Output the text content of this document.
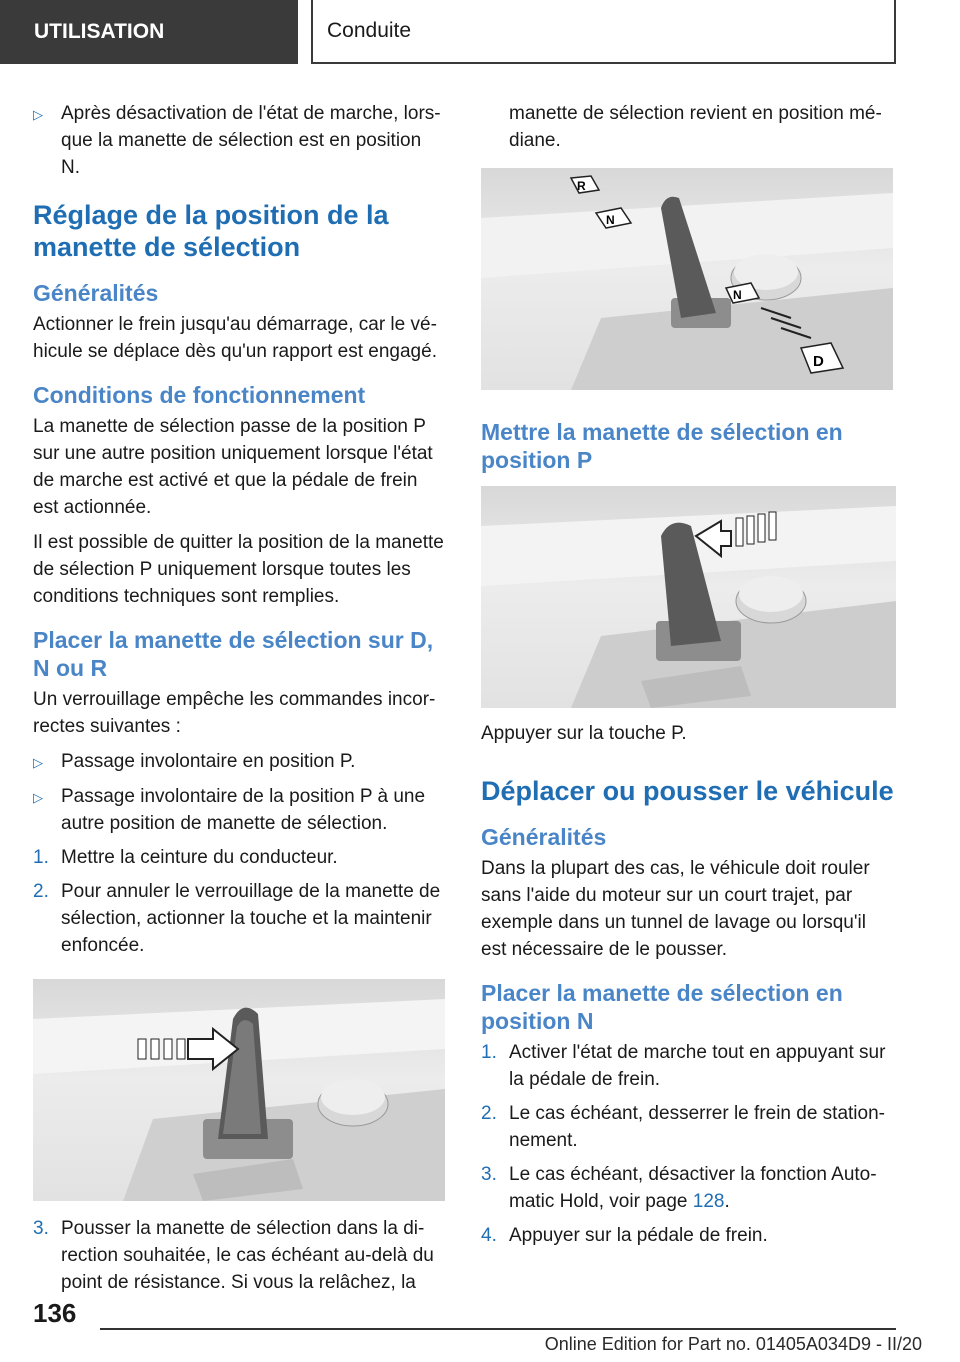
UTILISATION	Conduite
▷ Après désactivation de l'état de marche, lorsque la manette de sélection est en position N.
Réglage de la position de la manette de sélection
Généralités

Actionner le frein jusqu'au démarrage, car le véhicule se déplace dès qu'un rapport est engagé.

Conditions de fonctionnement

La manette de sélection passe de la position P sur une autre position uniquement lorsque l'état de marche est activé et que la pédale de frein est actionnée.

Il est possible de quitter la position de la manette de sélection P uniquement lorsque toutes les conditions techniques sont remplies.

Placer la manette de sélection sur D, N ou R

Un verrouillage empêche les commandes incorrectes suivantes :

▷ Passage involontaire en position P.
▷ Passage involontaire de la position P à une autre position de manette de sélection.
1. Mettre la ceinture du conducteur.
2. Pour annuler le verrouillage de la manette de sélection, actionner la touche et la maintenir enfoncée.
3. Pousser la manette de sélection dans la direction souhaitée, le cas échéant au-delà du point de résistance. Si vous la relâchez, la

manette de sélection revient en position médiane.

R
N
N
D
Mettre la manette de sélection en position P

Appuyer sur la touche P.

Déplacer ou pousser le véhicule
Généralités

Dans la plupart des cas, le véhicule doit rouler sans l'aide du moteur sur un court trajet, par exemple dans un tunnel de lavage ou lorsqu'il est nécessaire de le pousser.

Placer la manette de sélection en position N
1. Activer l'état de marche tout en appuyant sur la pédale de frein.
2. Le cas échéant, desserrer le frein de stationnement.
3. Le cas échéant, désactiver la fonction Automatic Hold, voir page 128.
4. Appuyer sur la pédale de frein.
136
Online Edition for Part no. 01405A034D9 - II/20
